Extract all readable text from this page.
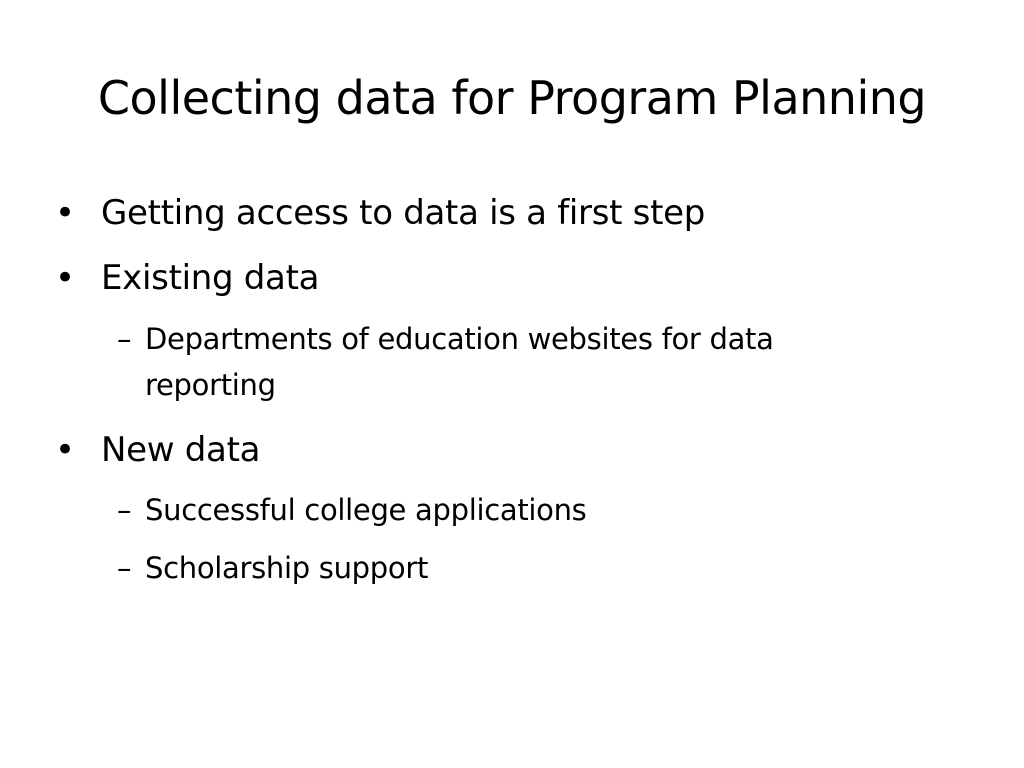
Collecting data for Program Planning
• Getting access to data is a first step
• Existing data
– Departments of education websites for data reporting
• New data
– Successful college applications
– Scholarship support
